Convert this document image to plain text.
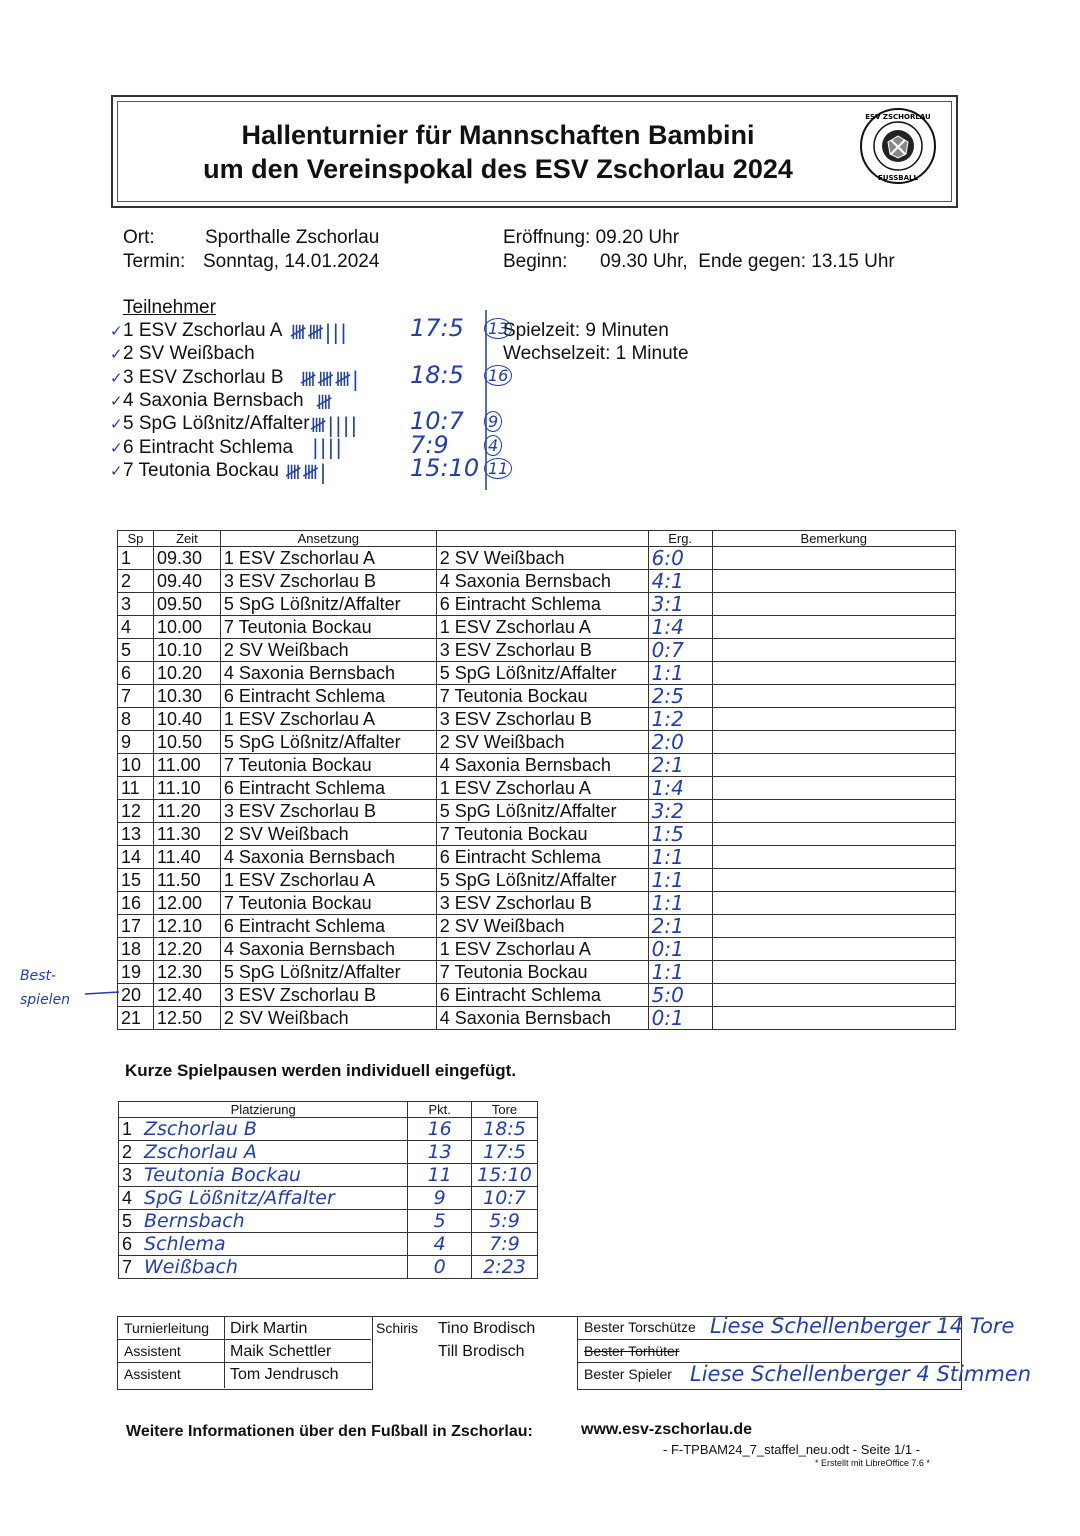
Hallenturnier für Mannschaften Bambini
um den Vereinspokal des ESV Zschorlau 2024
ESV ZSCHORLAU
FUSSBALL
Ort:	Sporthalle Zschorlau
Termin: Sonntag, 14.01.2024
Eröffnung: 09.20 Uhr
Beginn: 09.30 Uhr,  Ende gegen: 13.15 Uhr
Spielzeit: 9 Minuten
Wechselzeit: 1 Minute
Teilnehmer
✓ 1 ESV Zschorlau A 𝍸𝍸|||	17:5 13
✓ 2 SV Weißbach
✓ 3 ESV Zschorlau B 𝍸𝍸𝍸| 18:5 16
✓ 4 Saxonia Bernsbach 𝍸
✓ 5 SpG Lößnitz/Affalter 𝍸|||| 10:7 9
✓ 6 Eintracht Schlema ||||	7:9 4
✓ 7 Teutonia Bockau 𝍸𝍸|	15:10 11
Sp	Zeit	Ansetzung		Erg.	Bemerkung
1	09.30	1 ESV Zschorlau A	2 SV Weißbach	6:0	
2	09.40	3 ESV Zschorlau B	4 Saxonia Bernsbach	4:1	
3	09.50	5 SpG Lößnitz/Affalter	6 Eintracht Schlema	3:1	
4	10.00	7 Teutonia Bockau	1 ESV Zschorlau A	1:4	
5	10.10	2 SV Weißbach	3 ESV Zschorlau B	0:7	
6	10.20	4 Saxonia Bernsbach	5 SpG Lößnitz/Affalter	1:1	
7	10.30	6 Eintracht Schlema	7 Teutonia Bockau	2:5	
8	10.40	1 ESV Zschorlau A	3 ESV Zschorlau B	1:2	
9	10.50	5 SpG Lößnitz/Affalter	2 SV Weißbach	2:0	
10	11.00	7 Teutonia Bockau	4 Saxonia Bernsbach	2:1	
11	11.10	6 Eintracht Schlema	1 ESV Zschorlau A	1:4	
12	11.20	3 ESV Zschorlau B	5 SpG Lößnitz/Affalter	3:2	
13	11.30	2 SV Weißbach	7 Teutonia Bockau	1:5	
14	11.40	4 Saxonia Bernsbach	6 Eintracht Schlema	1:1	
15	11.50	1 ESV Zschorlau A	5 SpG Lößnitz/Affalter	1:1	
16	12.00	7 Teutonia Bockau	3 ESV Zschorlau B	1:1	
17	12.10	6 Eintracht Schlema	2 SV Weißbach	2:1	
18	12.20	4 Saxonia Bernsbach	1 ESV Zschorlau A	0:1	
19	12.30	5 SpG Lößnitz/Affalter	7 Teutonia Bockau	1:1	
20	12.40	3 ESV Zschorlau B	6 Eintracht Schlema	5:0	
21	12.50	2 SV Weißbach	4 Saxonia Bernsbach	0:1	
Best-
spielen
Kurze Spielpausen werden individuell eingefügt.
Platzierung	Pkt.	Tore
1 Zschorlau B	16	18:5
2 Zschorlau A	13	17:5
3 Teutonia Bockau	11	15:10
4 SpG Lößnitz/Affalter	9	10:7
5 Bernsbach	5	5:9
6 Schlema	4	7:9
7 Weißbach	0	2:23
Turnierleitung Dirk Martin
Assistent	Maik Schettler
Assistent	Tom Jendrusch
Schiris Tino Brodisch
Till Brodisch
Bester Torschütze Liese Schellenberger 14 Tore
Bester Torhüter
Bester Spieler Liese Schellenberger 4 Stimmen
Weitere Informationen über den Fußball in Zschorlau:	www.esv-zschorlau.de
- F-TPBAM24_7_staffel_neu.odt - Seite 1/1 -
* Erstellt mit LibreOffice 7.6 *
